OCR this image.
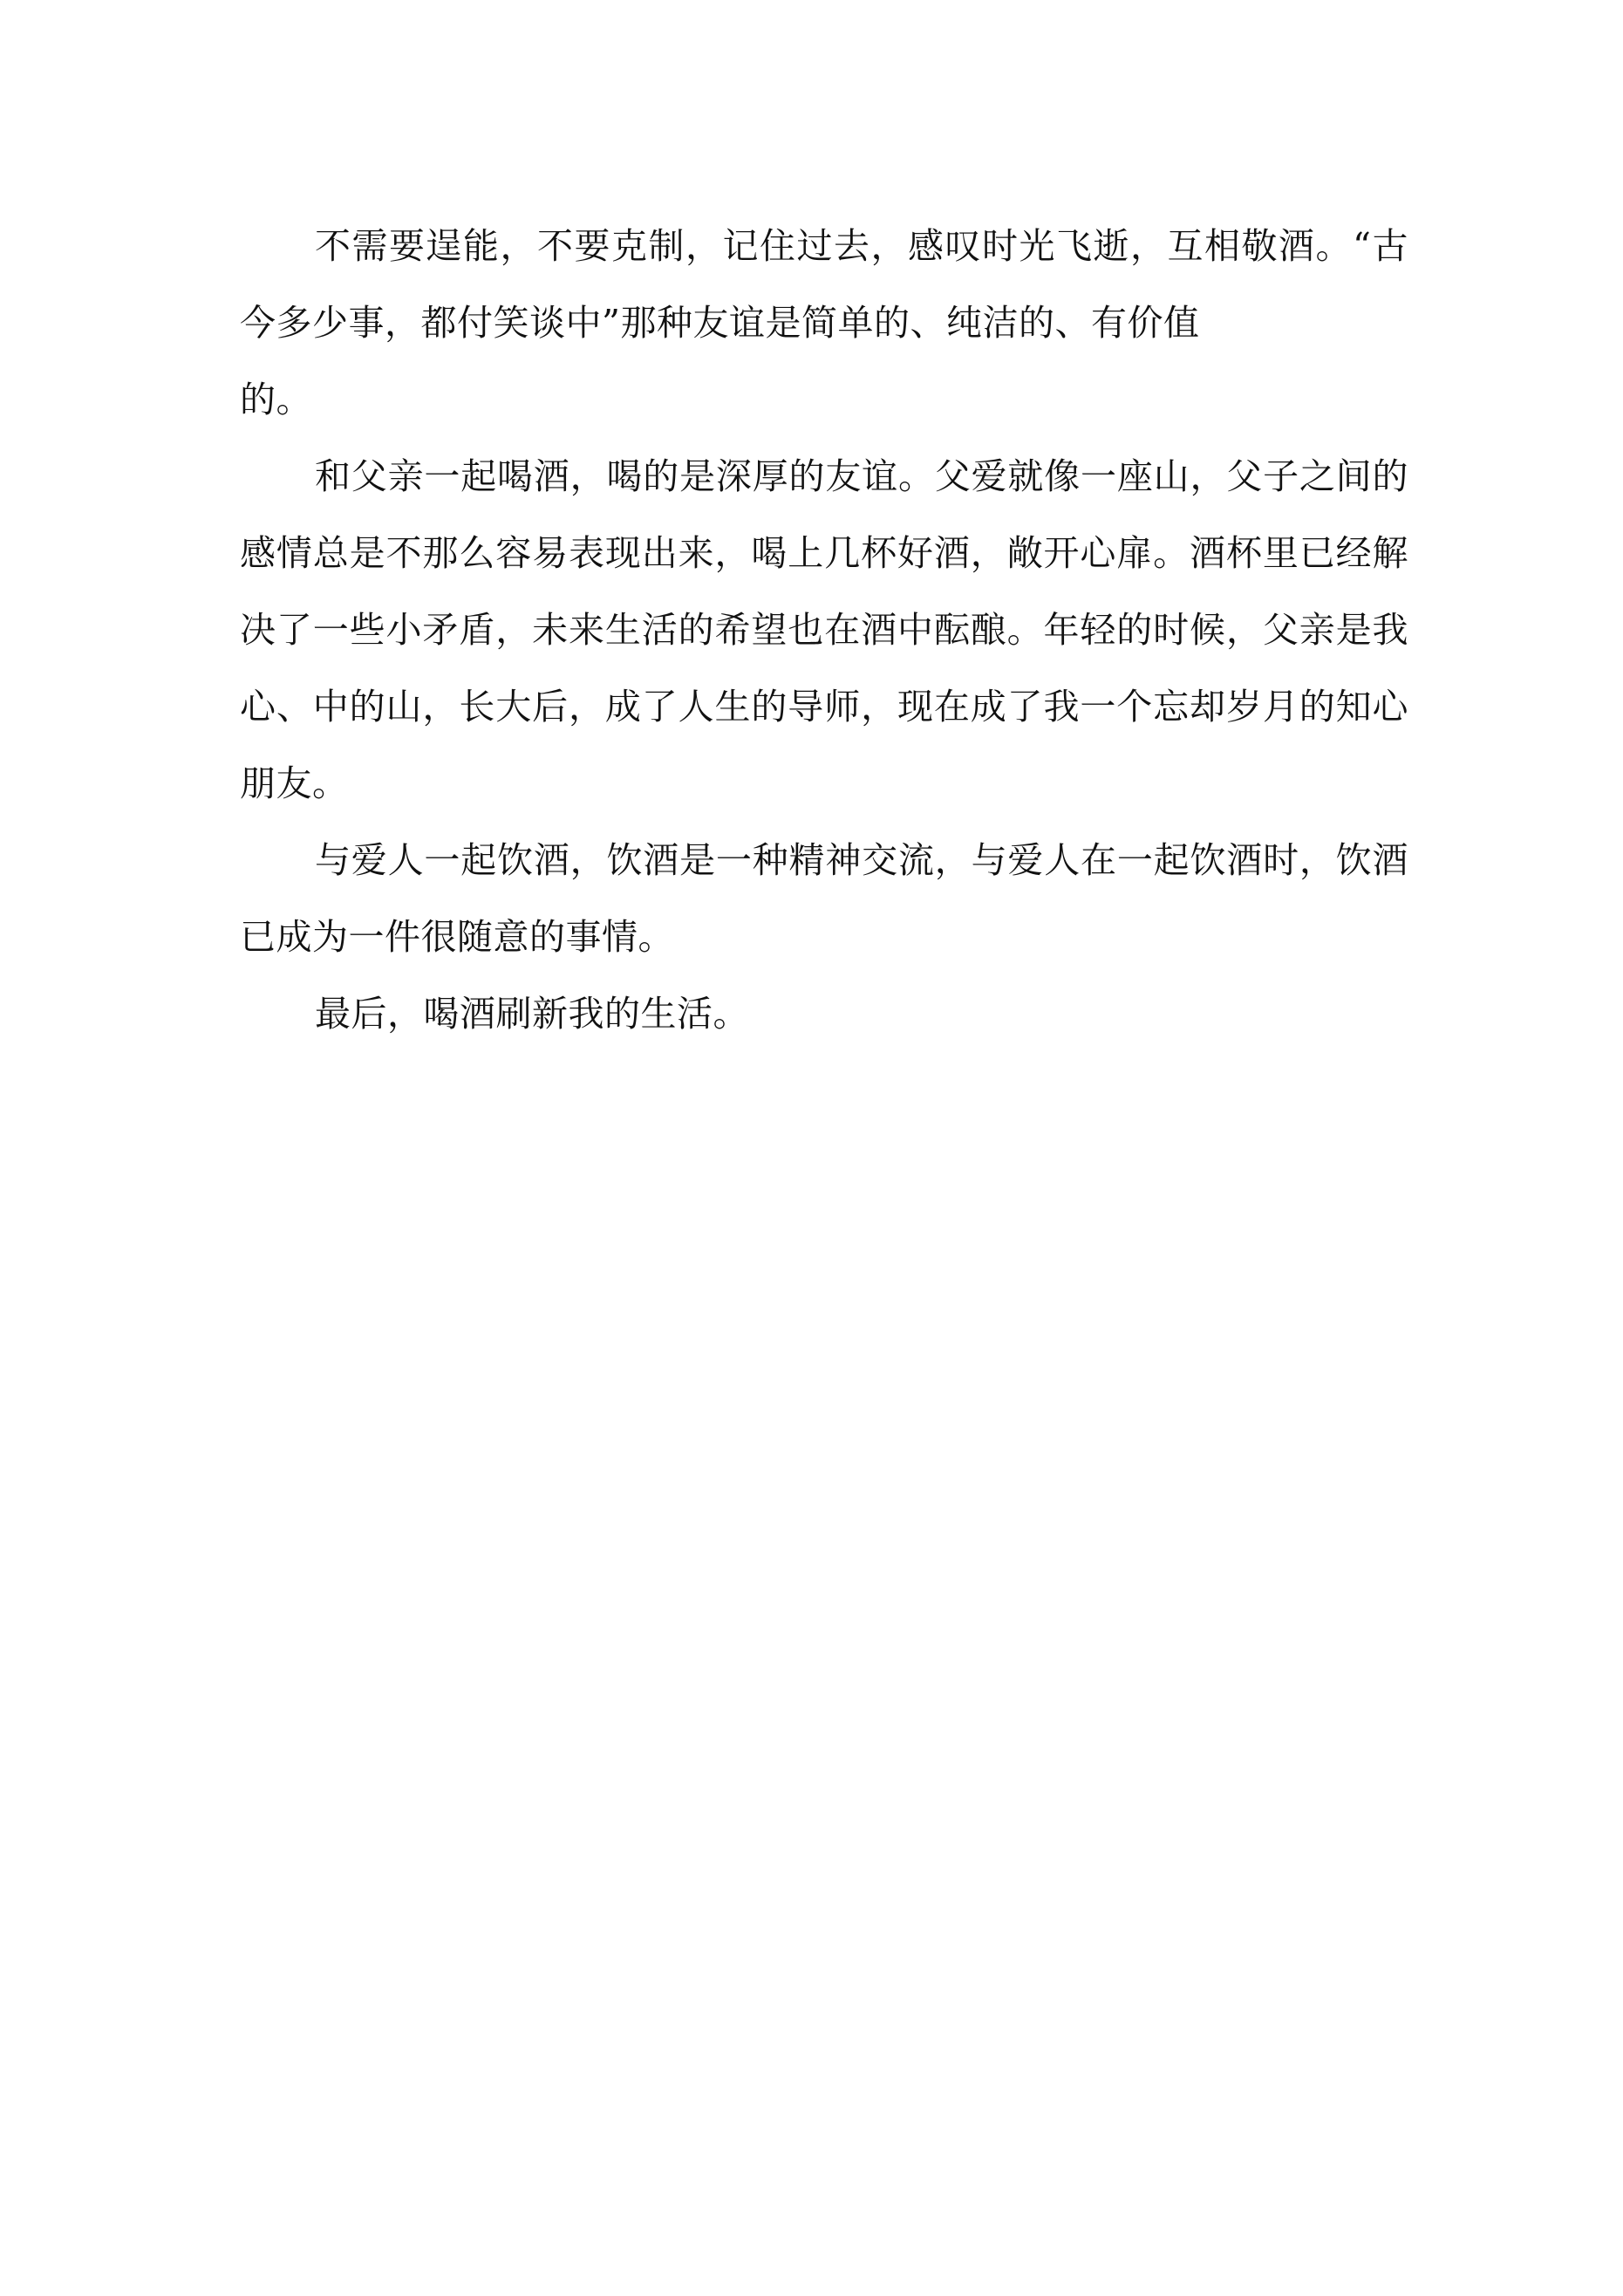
不需要逞能，不要克制，记住过去，感叹时光飞逝，互相敬酒。“古
今多少事，都付笑谈中”那种友谊是简单的、纯洁的、有价值
的。
和父亲一起喝酒，喝的是深厚的友谊。父爱就像一座山，父子之间的
感情总是不那么容易表现出来，喝上几杯好酒，敞开心扉。酒杯里已经解
决了一些小矛盾，未来生活的希望也在酒中酝酿。年轻的时候，父亲是我
心、中的山，长大后，成了人生的导师，现在成了我一个忘却岁月的知心
朋友。
与爱人一起饮酒，饮酒是一种精神交流，与爱人在一起饮酒时，饮酒
已成为一件很随意的事情。
最后，喝酒刷新我的生活。
